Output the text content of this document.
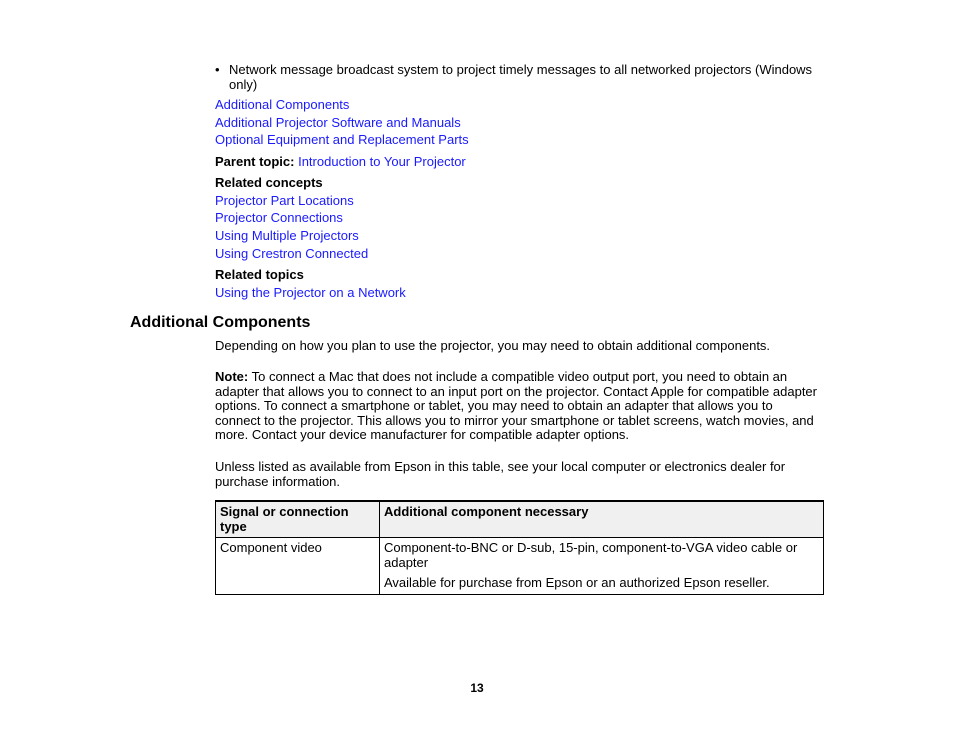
• Network message broadcast system to project timely messages to all networked projectors (Windows only)
Additional Components
Additional Projector Software and Manuals
Optional Equipment and Replacement Parts
Parent topic: Introduction to Your Projector
Related concepts
Projector Part Locations
Projector Connections
Using Multiple Projectors
Using Crestron Connected
Related topics
Using the Projector on a Network
Additional Components
Depending on how you plan to use the projector, you may need to obtain additional components.
Note: To connect a Mac that does not include a compatible video output port, you need to obtain an adapter that allows you to connect to an input port on the projector. Contact Apple for compatible adapter options. To connect a smartphone or tablet, you may need to obtain an adapter that allows you to connect to the projector. This allows you to mirror your smartphone or tablet screens, watch movies, and more. Contact your device manufacturer for compatible adapter options.
Unless listed as available from Epson in this table, see your local computer or electronics dealer for purchase information.
Signal or connection type	Additional component necessary
Component video	Component-to-BNC or D-sub, 15-pin, component-to-VGA video cable or adapter

Available for purchase from Epson or an authorized Epson reseller.

13
